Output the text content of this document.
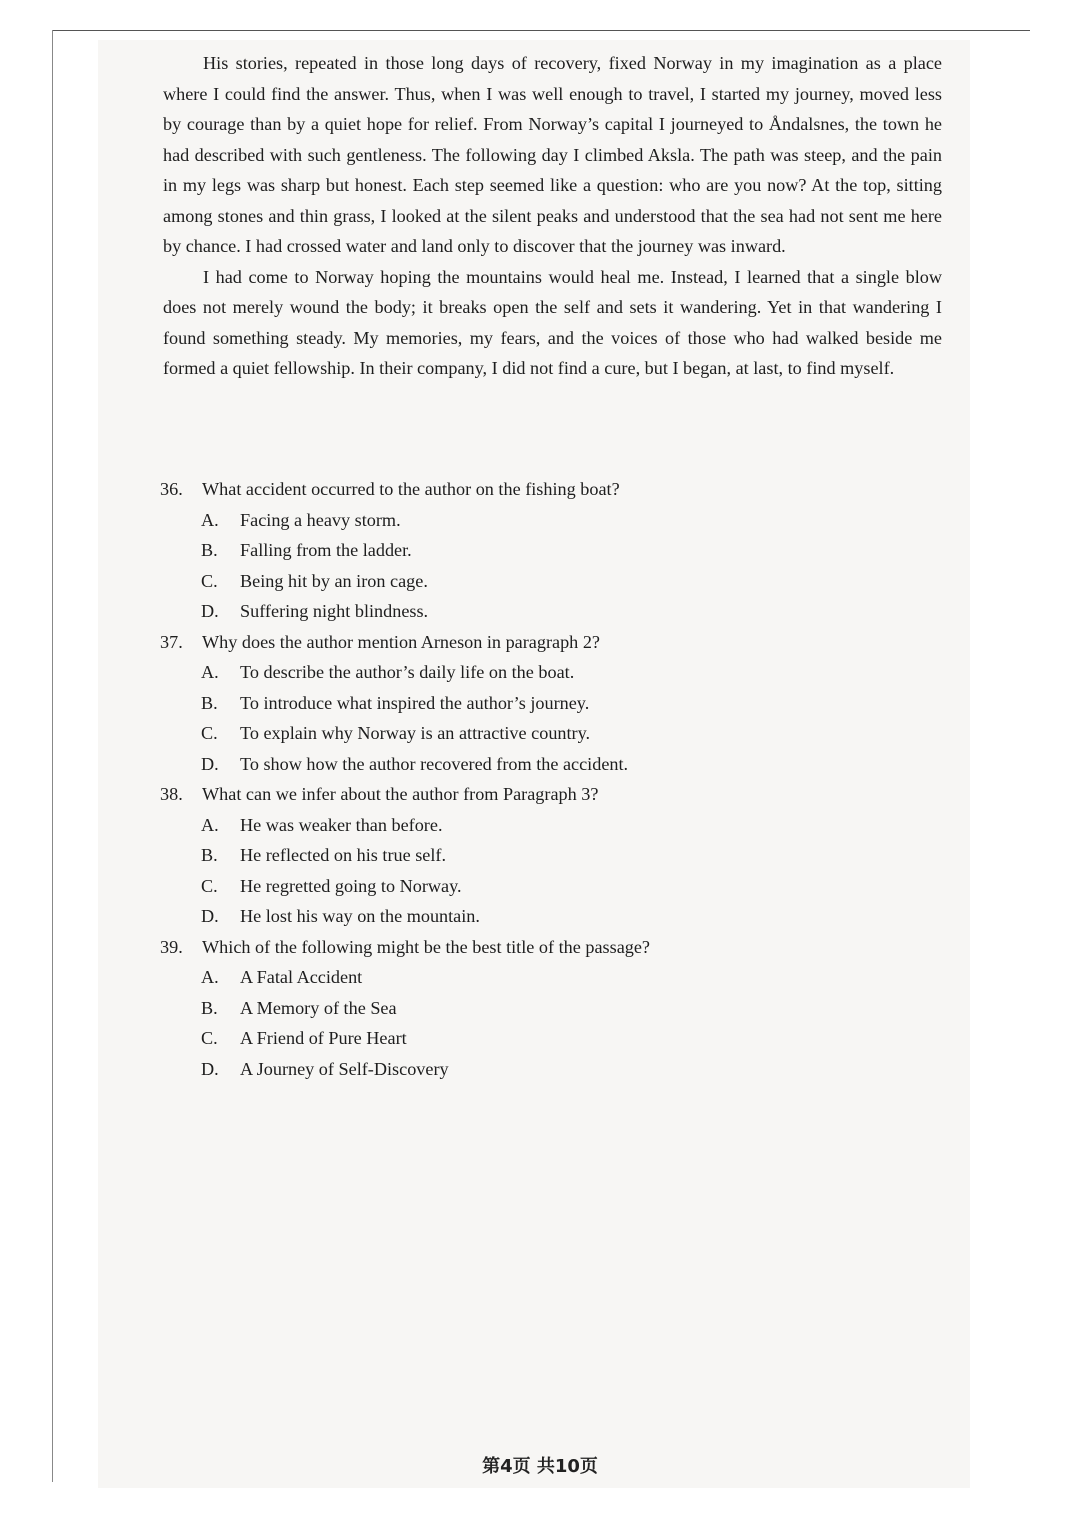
His stories, repeated in those long days of recovery, fixed Norway in my imagination as a place where I could find the answer. Thus, when I was well enough to travel, I started my journey, moved less by courage than by a quiet hope for relief. From Norway’s capital I journeyed to Åndalsnes, the town he had described with such gentleness. The following day I climbed Aksla. The path was steep, and the pain in my legs was sharp but honest. Each step seemed like a question: who are you now? At the top, sitting among stones and thin grass, I looked at the silent peaks and understood that the sea had not sent me here by chance. I had crossed water and land only to discover that the journey was inward.

I had come to Norway hoping the mountains would heal me. Instead, I learned that a single blow does not merely wound the body; it breaks open the self and sets it wandering. Yet in that wandering I found something steady. My memories, my fears, and the voices of those who had walked beside me formed a quiet fellowship. In their company, I did not find a cure, but I began, at last, to find myself.

36.	What accident occurred to the author on the fishing boat?
A.	Facing a heavy storm.
B.	Falling from the ladder.
C.	Being hit by an iron cage.
D.	Suffering night blindness.
37.	Why does the author mention Arneson in paragraph 2?
A.	To describe the author’s daily life on the boat.
B.	To introduce what inspired the author’s journey.
C.	To explain why Norway is an attractive country.
D.	To show how the author recovered from the accident.
38.	What can we infer about the author from Paragraph 3?
A.	He was weaker than before.
B.	He reflected on his true self.
C.	He regretted going to Norway.
D.	He lost his way on the mountain.
39.	Which of the following might be the best title of the passage?
A.	A Fatal Accident
B.	A Memory of the Sea
C.	A Friend of Pure Heart
D.	A Journey of Self-Discovery
第4页 共10页
